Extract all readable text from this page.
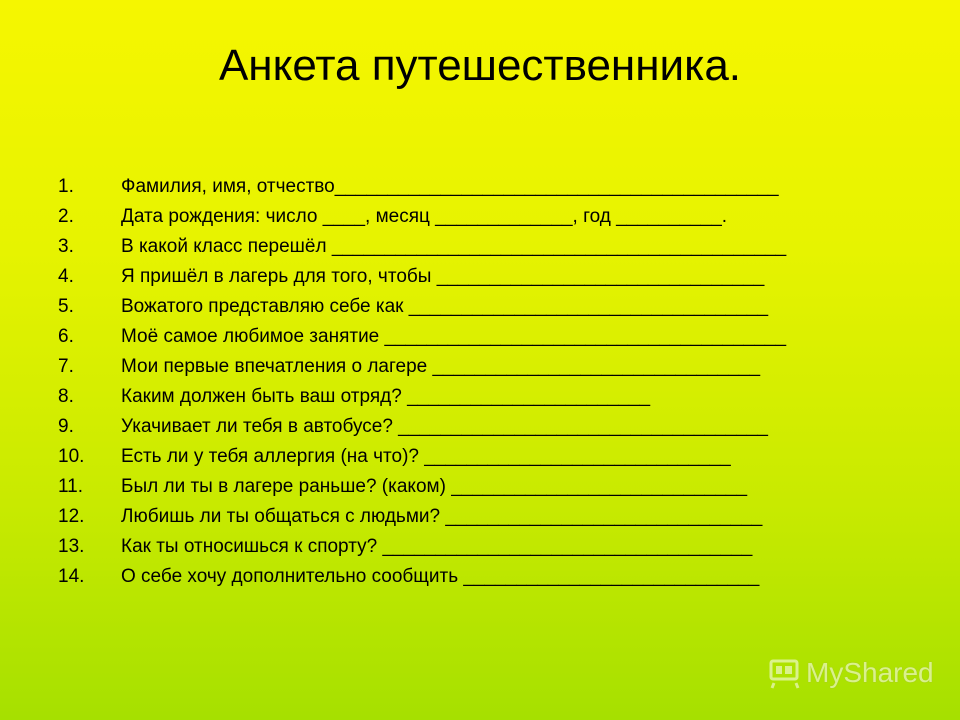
Анкета путешественника.
1. Фамилия, имя, отчество__________________________________________
2. Дата рождения: число ____, месяц _____________, год __________.
3. В какой класс перешёл ___________________________________________
4. Я пришёл в лагерь для того, чтобы _______________________________
5. Вожатого представляю себе как __________________________________
6. Моё самое любимое занятие ______________________________________
7. Мои первые впечатления о лагере _______________________________
8. Каким должен быть ваш отряд? _______________________
9. Укачивает ли тебя в автобусе? ___________________________________
10. Есть ли у тебя аллергия (на что)? _____________________________
11. Был ли ты в лагере раньше? (каком) ____________________________
12. Любишь ли ты общаться с людьми? ______________________________
13. Как ты относишься к спорту? ___________________________________
14. О себе хочу дополнительно сообщить ____________________________
MyShared
